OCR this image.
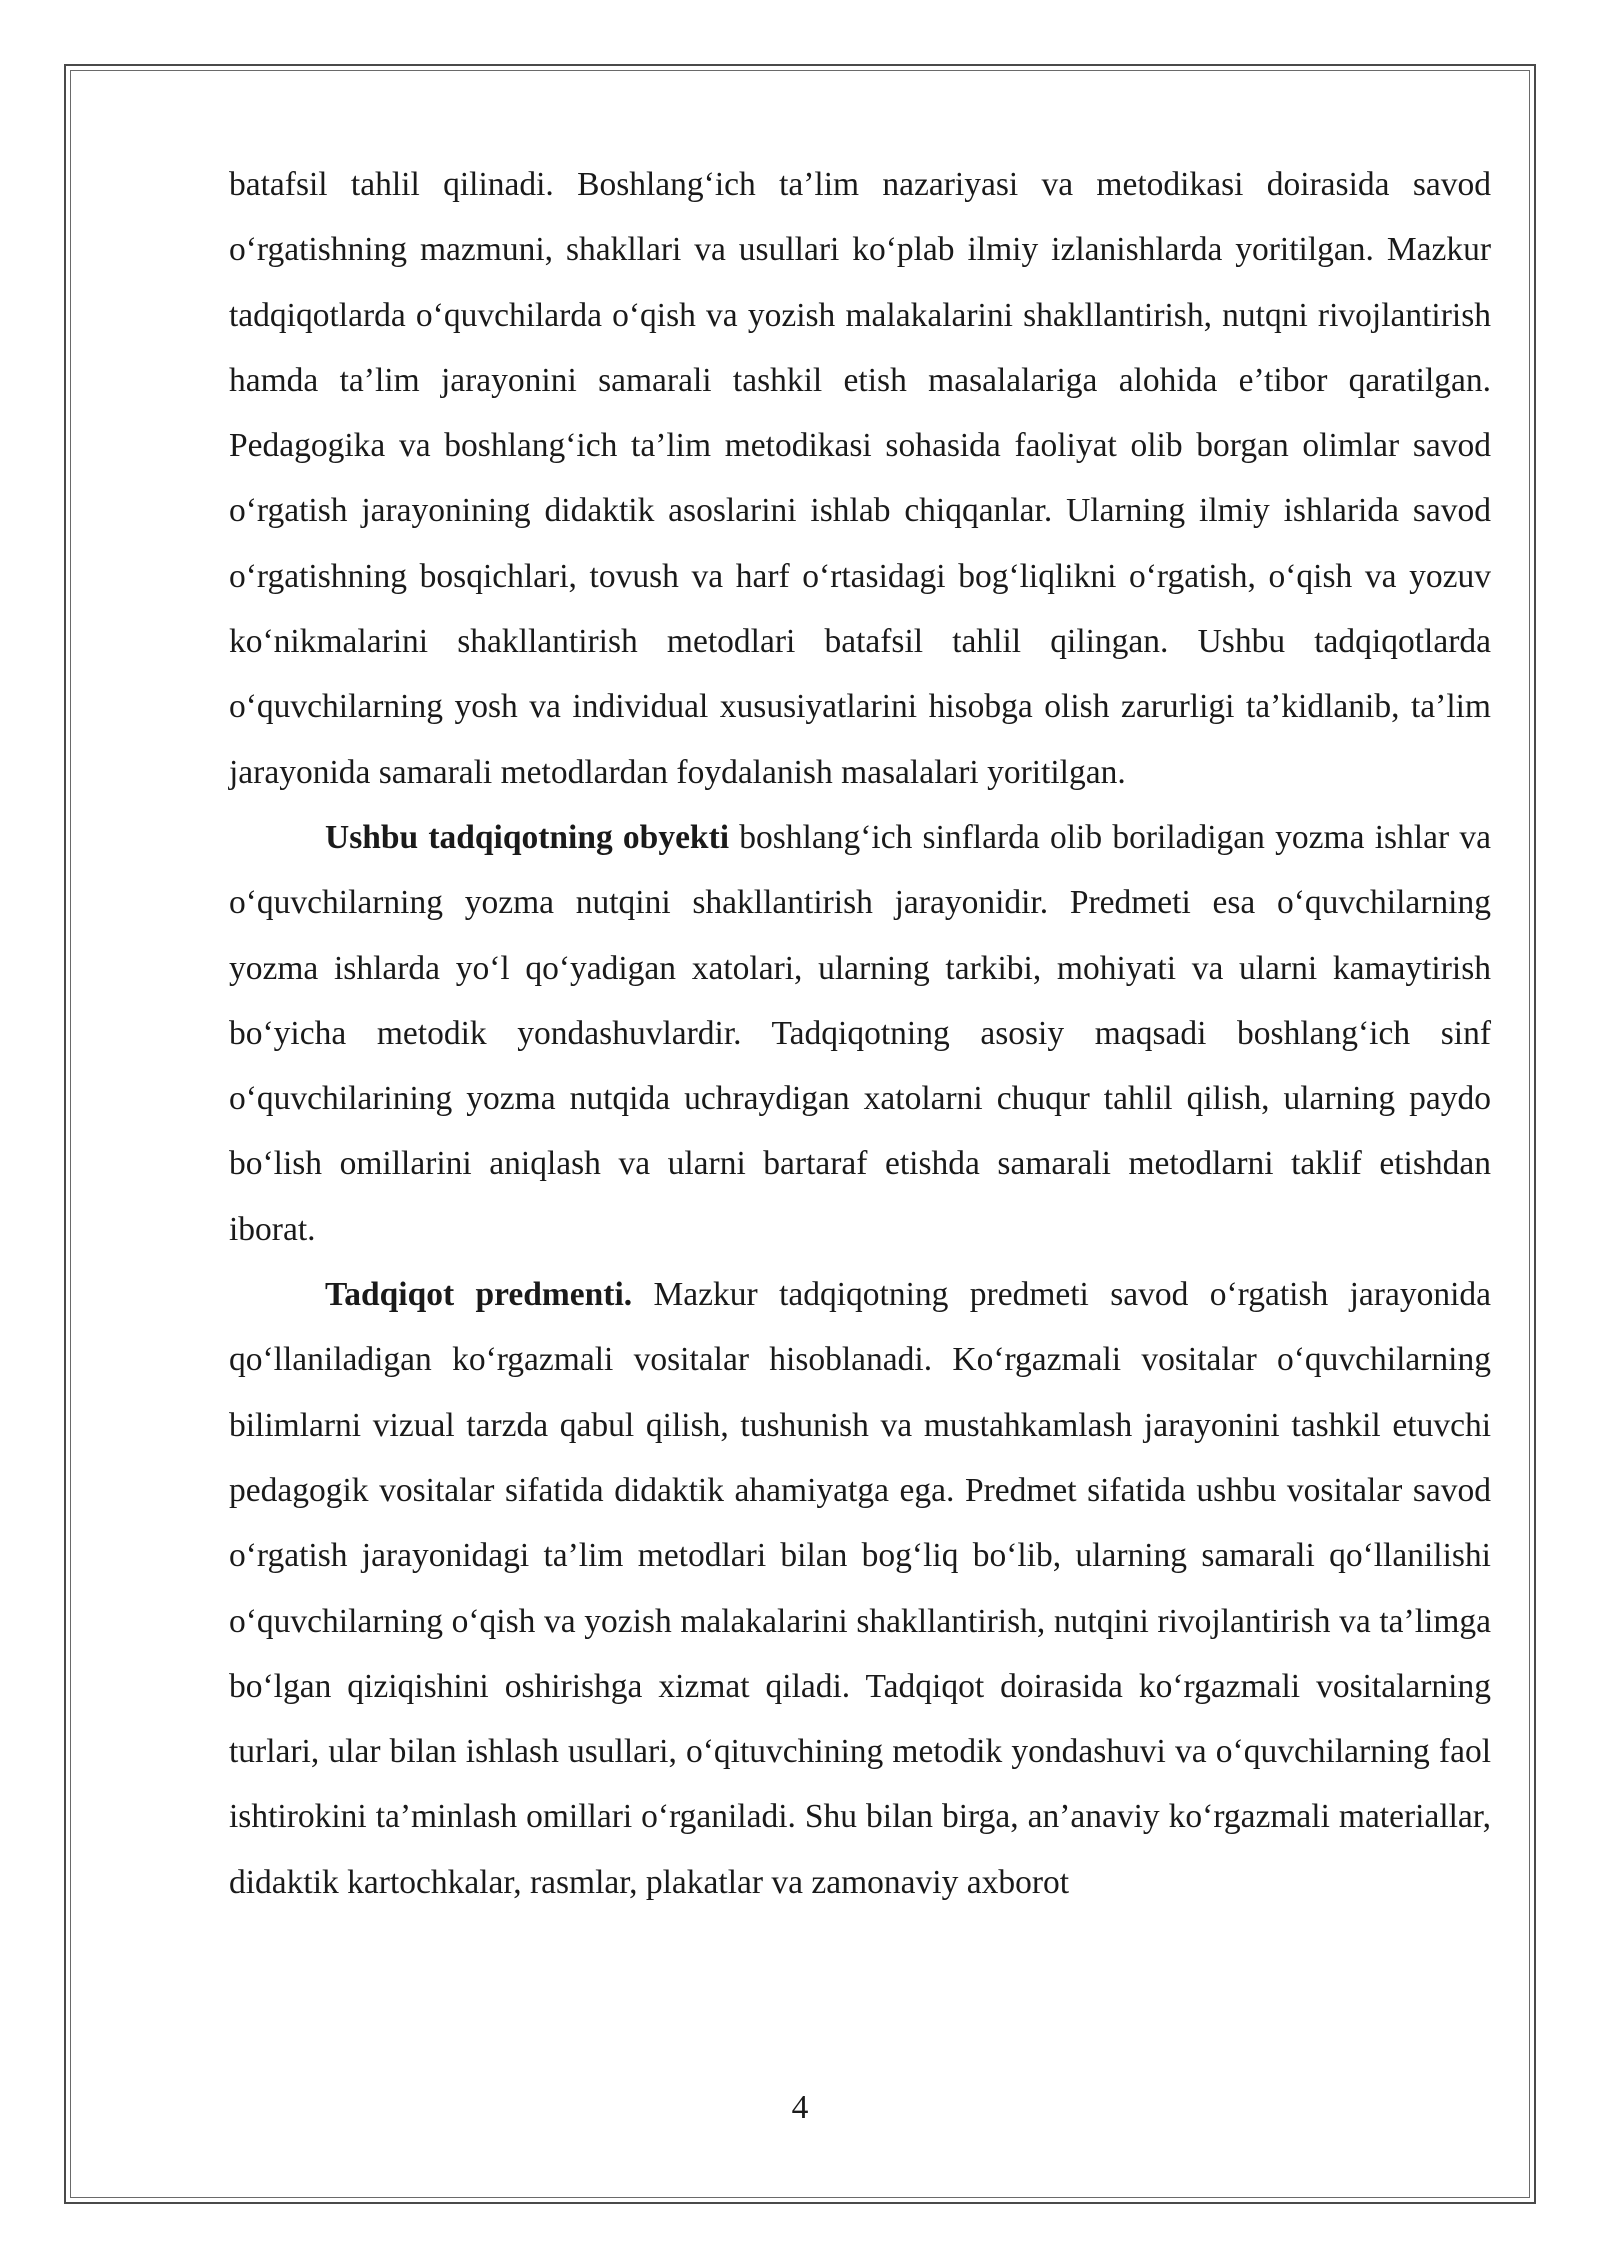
batafsil tahlil qilinadi. Boshlang‘ich ta’lim nazariyasi va metodikasi doirasida savod o‘rgatishning mazmuni, shakllari va usullari ko‘plab ilmiy izlanishlarda yoritilgan. Mazkur tadqiqotlarda o‘quvchilarda o‘qish va yozish malakalarini shakllantirish, nutqni rivojlantirish hamda ta’lim jarayonini samarali tashkil etish masalalariga alohida e’tibor qaratilgan. Pedagogika va boshlang‘ich ta’lim metodikasi sohasida faoliyat olib borgan olimlar savod o‘rgatish jarayonining didaktik asoslarini ishlab chiqqanlar. Ularning ilmiy ishlarida savod o‘rgatishning bosqichlari, tovush va harf o‘rtasidagi bog‘liqlikni o‘rgatish, o‘qish va yozuv ko‘nikmalarini shakllantirish metodlari batafsil tahlil qilingan. Ushbu tadqiqotlarda o‘quvchilarning yosh va individual xususiyatlarini hisobga olish zarurligi ta’kidlanib, ta’lim jarayonida samarali metodlardan foydalanish masalalari yoritilgan.

Ushbu tadqiqotning obyekti boshlang‘ich sinflarda olib boriladigan yozma ishlar va o‘quvchilarning yozma nutqini shakllantirish jarayonidir. Predmeti esa o‘quvchilarning yozma ishlarda yo‘l qo‘yadigan xatolari, ularning tarkibi, mohiyati va ularni kamaytirish bo‘yicha metodik yondashuvlardir. Tadqiqotning asosiy maqsadi boshlang‘ich sinf o‘quvchilarining yozma nutqida uchraydigan xatolarni chuqur tahlil qilish, ularning paydo bo‘lish omillarini aniqlash va ularni bartaraf etishda samarali metodlarni taklif etishdan iborat.

Tadqiqot predmenti. Mazkur tadqiqotning predmeti savod o‘rgatish jarayonida qo‘llaniladigan ko‘rgazmali vositalar hisoblanadi. Ko‘rgazmali vositalar o‘quvchilarning bilimlarni vizual tarzda qabul qilish, tushunish va mustahkamlash jarayonini tashkil etuvchi pedagogik vositalar sifatida didaktik ahamiyatga ega. Predmet sifatida ushbu vositalar savod o‘rgatish jarayonidagi ta’lim metodlari bilan bog‘liq bo‘lib, ularning samarali qo‘llanilishi o‘quvchilarning o‘qish va yozish malakalarini shakllantirish, nutqini rivojlantirish va ta’limga bo‘lgan qiziqishini oshirishga xizmat qiladi. Tadqiqot doirasida ko‘rgazmali vositalarning turlari, ular bilan ishlash usullari, o‘qituvchining metodik yondashuvi va o‘quvchilarning faol ishtirokini ta’minlash omillari o‘rganiladi. Shu bilan birga, an’anaviy ko‘rgazmali materiallar, didaktik kartochkalar, rasmlar, plakatlar va zamonaviy axborot

4
